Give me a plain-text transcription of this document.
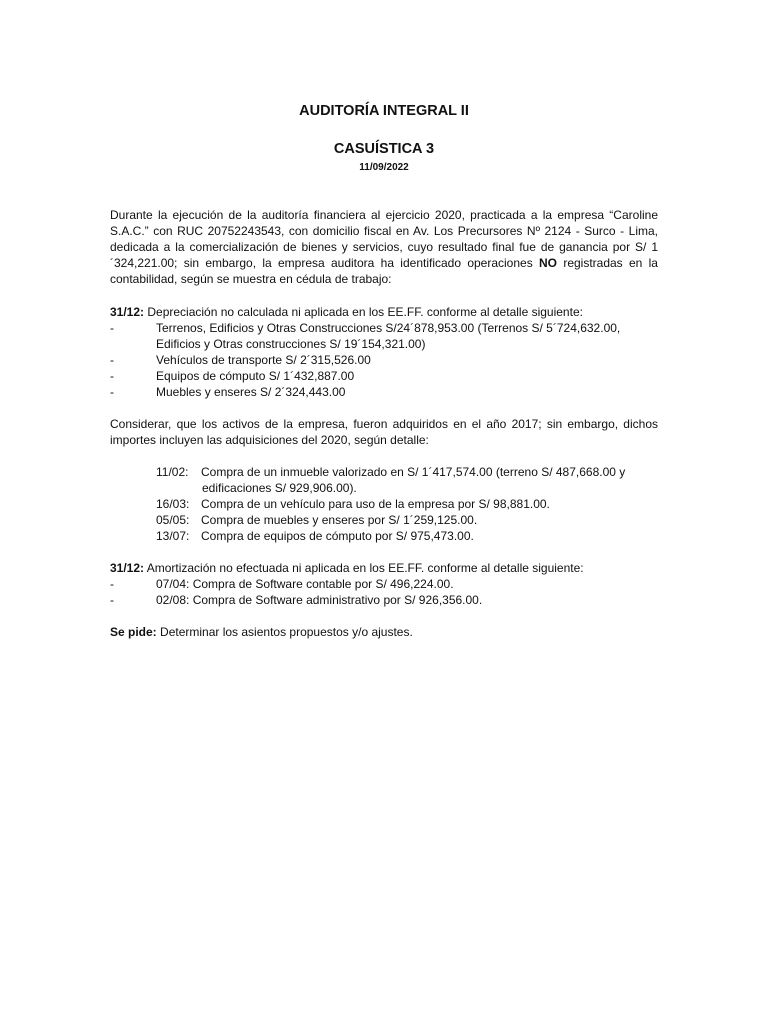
AUDITORÍA INTEGRAL II
CASUÍSTICA 3
11/09/2022

Durante la ejecución de la auditoría financiera al ejercicio 2020, practicada a la empresa “Caroline S.A.C.” con RUC 20752243543, con domicilio fiscal en Av. Los Precursores Nº 2124 - Surco - Lima, dedicada a la comercialización de bienes y servicios, cuyo resultado final fue de ganancia por S/ 1´324,221.00; sin embargo, la empresa auditora ha identificado operaciones NO registradas en la contabilidad, según se muestra en cédula de trabajo:

31/12: Depreciación no calculada ni aplicada en los EE.FF. conforme al detalle siguiente:

-	Terrenos, Edificios y Otras Construcciones S/24´878,953.00 (Terrenos S/ 5´724,632.00, Edificios y Otras construcciones S/ 19´154,321.00)
-	Vehículos de transporte S/ 2´315,526.00
-	Equipos de cómputo S/ 1´432,887.00
-	Muebles y enseres S/ 2´324,443.00

Considerar, que los activos de la empresa, fueron adquiridos en el año 2017; sin embargo, dichos importes incluyen las adquisiciones del 2020, según detalle:

11/02:	Compra de un inmueble valorizado en S/ 1´417,574.00 (terreno S/ 487,668.00 y
edificaciones S/ 929,906.00).
16/03: Compra de un vehículo para uso de la empresa por S/ 98,881.00.
05/05: Compra de muebles y enseres por S/ 1´259,125.00.
13/07: Compra de equipos de cómputo por S/ 975,473.00.

31/12: Amortización no efectuada ni aplicada en los EE.FF. conforme al detalle siguiente:

-	07/04: Compra de Software contable por S/ 496,224.00.
-	02/08: Compra de Software administrativo por S/ 926,356.00.

Se pide: Determinar los asientos propuestos y/o ajustes.
